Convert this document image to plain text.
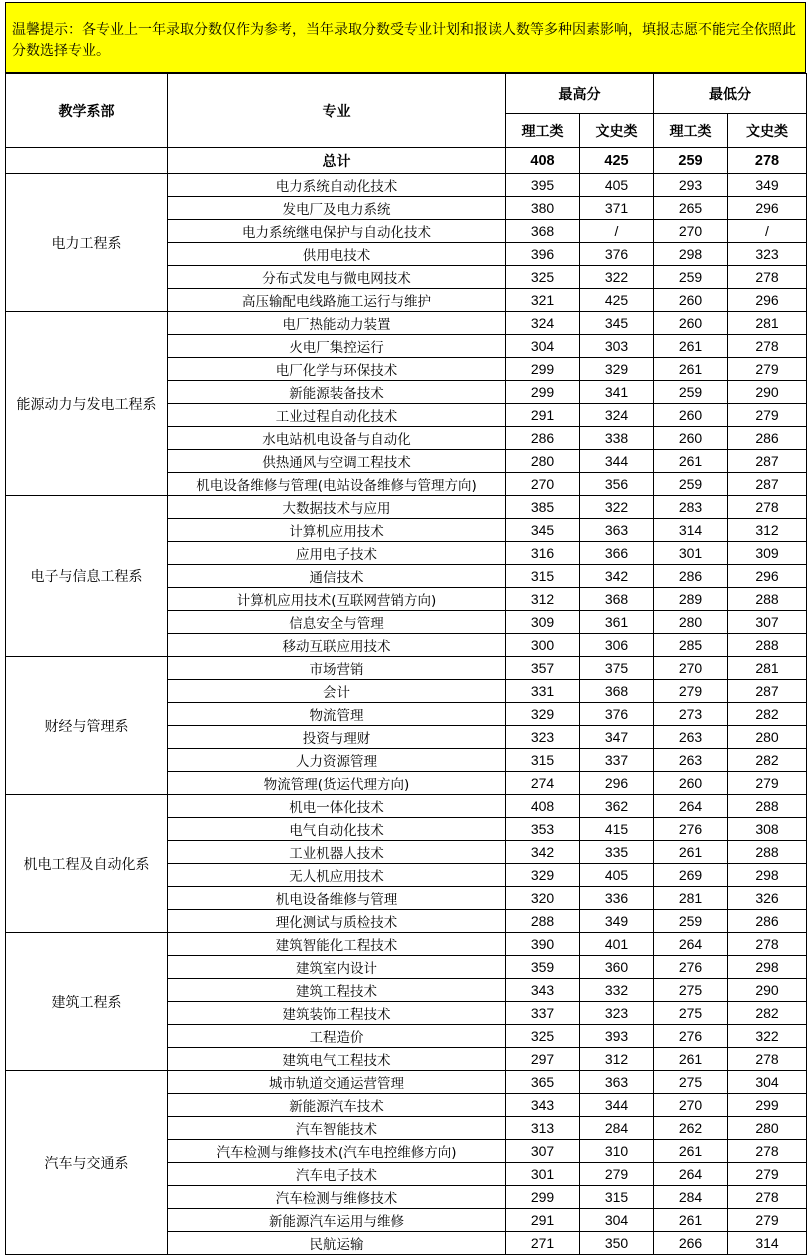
温馨提示：各专业上一年录取分数仅作为参考，当年录取分数受专业计划和报读人数等多种因素影响，填报志愿不能完全依照此分数选择专业。
教学系部	专业	最高分		最低分	
		理工类	文史类	理工类	文史类
	总计	408	425	259	278
电力工程系	电力系统自动化技术	395	405	293	349
	发电厂及电力系统	380	371	265	296
	电力系统继电保护与自动化技术	368	/	270	/
	供用电技术	396	376	298	323
	分布式发电与微电网技术	325	322	259	278
	高压输配电线路施工运行与维护	321	425	260	296
能源动力与发电工程系	电厂热能动力装置	324	345	260	281
	火电厂集控运行	304	303	261	278
	电厂化学与环保技术	299	329	261	279
	新能源装备技术	299	341	259	290
	工业过程自动化技术	291	324	260	279
	水电站机电设备与自动化	286	338	260	286
	供热通风与空调工程技术	280	344	261	287
	机电设备维修与管理(电站设备维修与管理方向)	270	356	259	287
电子与信息工程系	大数据技术与应用	385	322	283	278
	计算机应用技术	345	363	314	312
	应用电子技术	316	366	301	309
	通信技术	315	342	286	296
	计算机应用技术(互联网营销方向)	312	368	289	288
	信息安全与管理	309	361	280	307
	移动互联应用技术	300	306	285	288
财经与管理系	市场营销	357	375	270	281
	会计	331	368	279	287
	物流管理	329	376	273	282
	投资与理财	323	347	263	280
	人力资源管理	315	337	263	282
	物流管理(货运代理方向)	274	296	260	279
机电工程及自动化系	机电一体化技术	408	362	264	288
	电气自动化技术	353	415	276	308
	工业机器人技术	342	335	261	288
	无人机应用技术	329	405	269	298
	机电设备维修与管理	320	336	281	326
	理化测试与质检技术	288	349	259	286
建筑工程系	建筑智能化工程技术	390	401	264	278
	建筑室内设计	359	360	276	298
	建筑工程技术	343	332	275	290
	建筑装饰工程技术	337	323	275	282
	工程造价	325	393	276	322
	建筑电气工程技术	297	312	261	278
汽车与交通系	城市轨道交通运营管理	365	363	275	304
	新能源汽车技术	343	344	270	299
	汽车智能技术	313	284	262	280
	汽车检测与维修技术(汽车电控维修方向)	307	310	261	278
	汽车电子技术	301	279	264	279
	汽车检测与维修技术	299	315	284	278
	新能源汽车运用与维修	291	304	261	279
	民航运输	271	350	266	314
